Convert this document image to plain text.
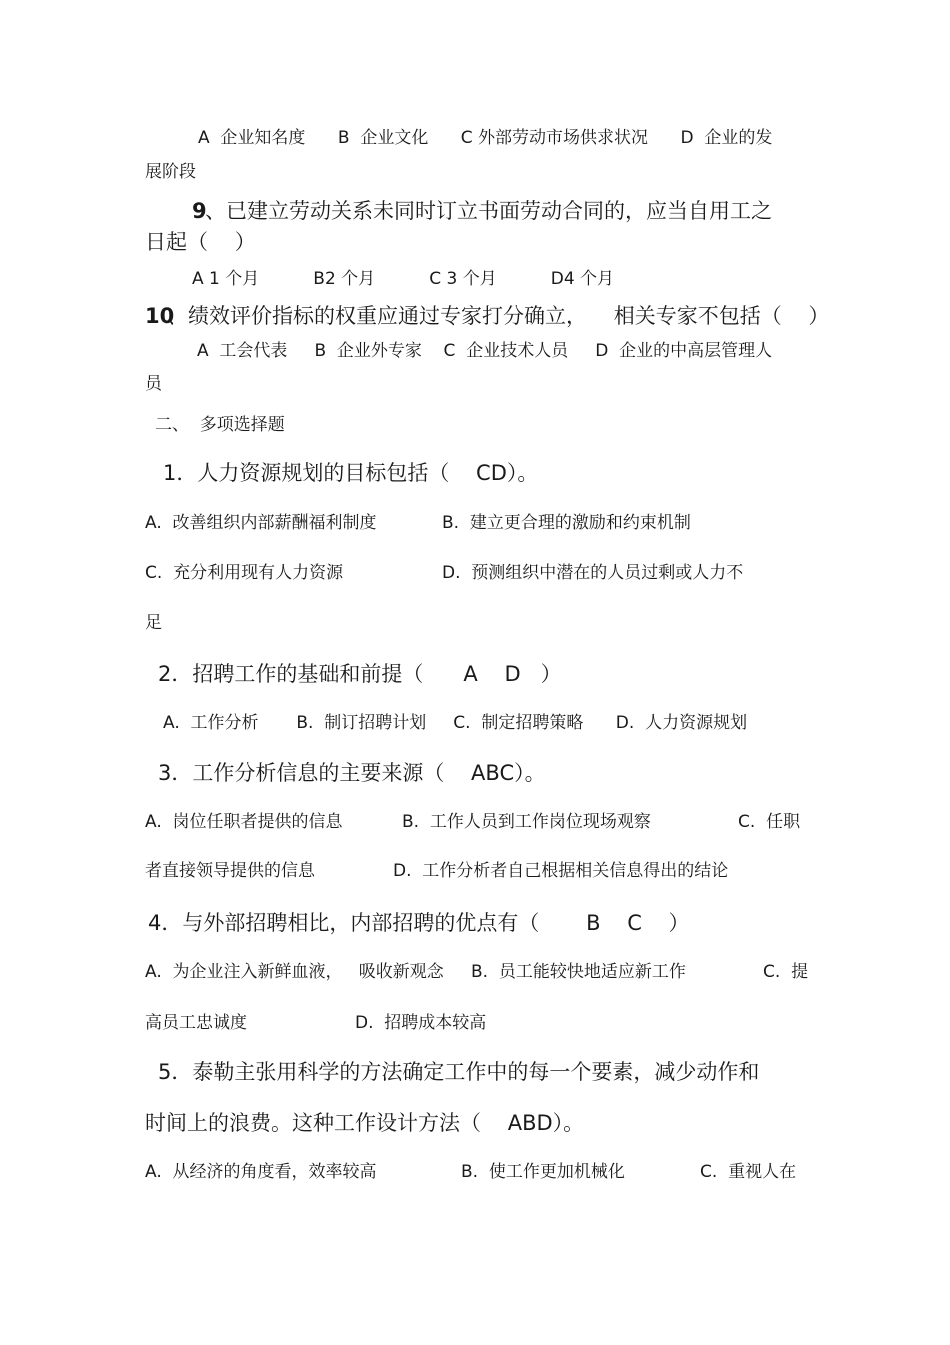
A  企业知名度      B  企业文化      C 外部劳动市场供求状况      D  企业的发
展阶段
9
、已建立劳动关系未同时订立书面劳动合同的，应当自用工之
日起（    ）
A 1 个月          B2 个月          C 3 个月          D4 个月
10
、绩效评价指标的权重应通过专家打分确立，    相关专家不包括（    ）
A  工会代表     B  企业外专家    C  企业技术人员     D  企业的中高层管理人
员
二、  多项选择题
1．人力资源规划的目标包括（    CD）。
A.  改善组织内部薪酬福利制度	B.  建立更合理的激励和约束机制
C.  充分利用现有人力资源	D.  预测组织中潜在的人员过剩或人力不
足
2．招聘工作的基础和前提（      A    D   ）
A.  工作分析       B.  制订招聘计划     C.  制定招聘策略      D.  人力资源规划
3．工作分析信息的主要来源（    ABC）。
A.  岗位任职者提供的信息	B.  工作人员到工作岗位现场观察	C.  任职
者直接领导提供的信息	D.  工作分析者自己根据相关信息得出的结论
4．与外部招聘相比，内部招聘的优点有（       B    C    ）
A.  为企业注入新鲜血液，   吸收新观念 B.  员工能较快地适应新工作	C.  提
高员工忠诚度	D.  招聘成本较高
5．泰勒主张用科学的方法确定工作中的每一个要素，减少动作和
时间上的浪费。这种工作设计方法（    ABD）。
A.  从经济的角度看，效率较高	B.  使工作更加机械化	C.  重视人在
